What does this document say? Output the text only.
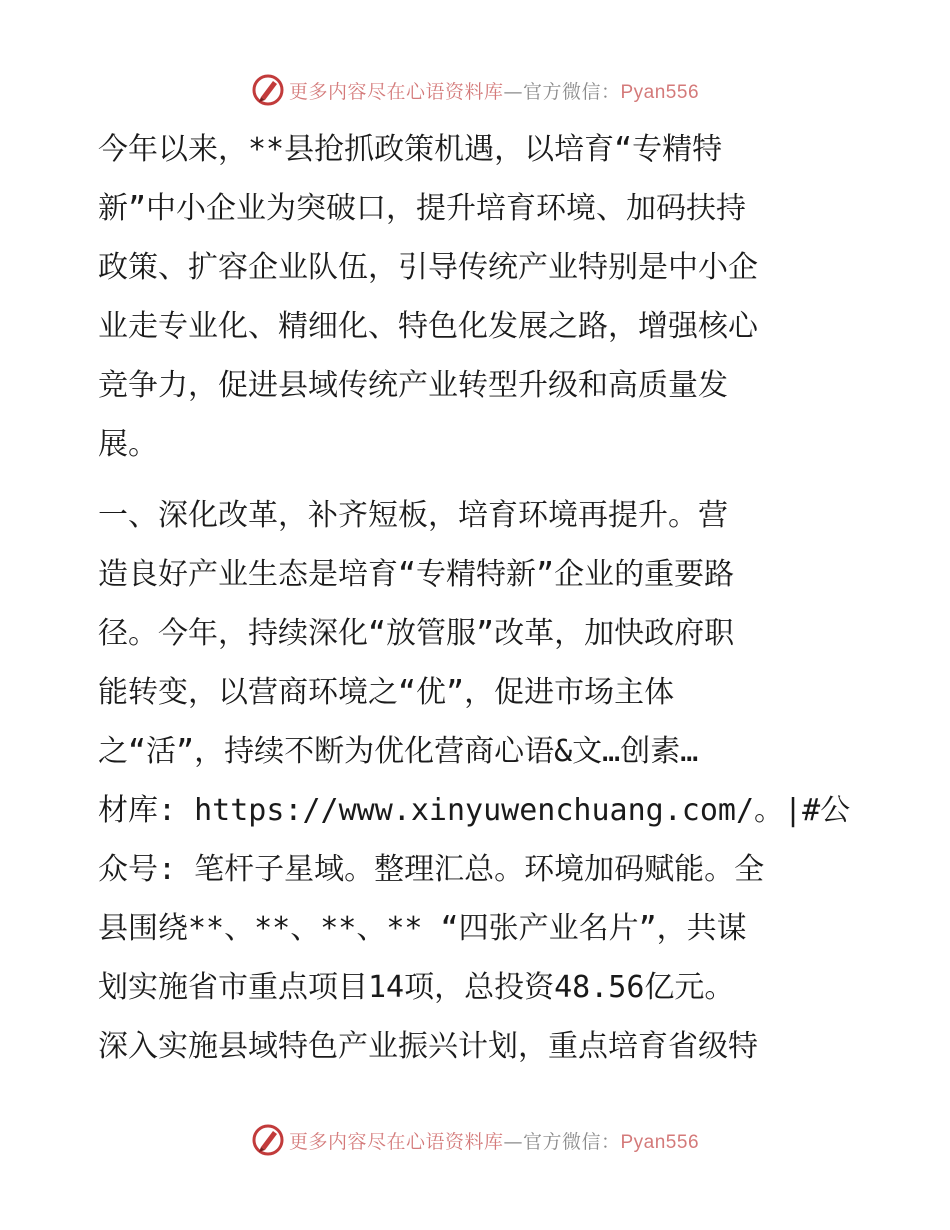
更多内容尽在心语资料库—官方微信：Pyan556

今年以来，**县抢抓政策机遇，以培育“专精特
新”中小企业为突破口，提升培育环境、加码扶持
政策、扩容企业队伍，引导传统产业特别是中小企
业走专业化、精细化、特色化发展之路，增强核心
竞争力，促进县域传统产业转型升级和高质量发
展。

一、深化改革，补齐短板，培育环境再提升。营
造良好产业生态是培育“专精特新”企业的重要路
径。今年，持续深化“放管服”改革，加快政府职
能转变，以营商环境之“优”，促进市场主体
之“活”，持续不断为优化营商心语&文…创素…
材库: https://www.xinyuwenchuang.com/。|#公
众号: 笔杆子星域。整理汇总。环境加码赋能。全
县围绕**、**、**、** “四张产业名片”，共谋
划实施省市重点项目14项，总投资48.56亿元。
深入实施县域特色产业振兴计划，重点培育省级特

更多内容尽在心语资料库—官方微信：Pyan556
